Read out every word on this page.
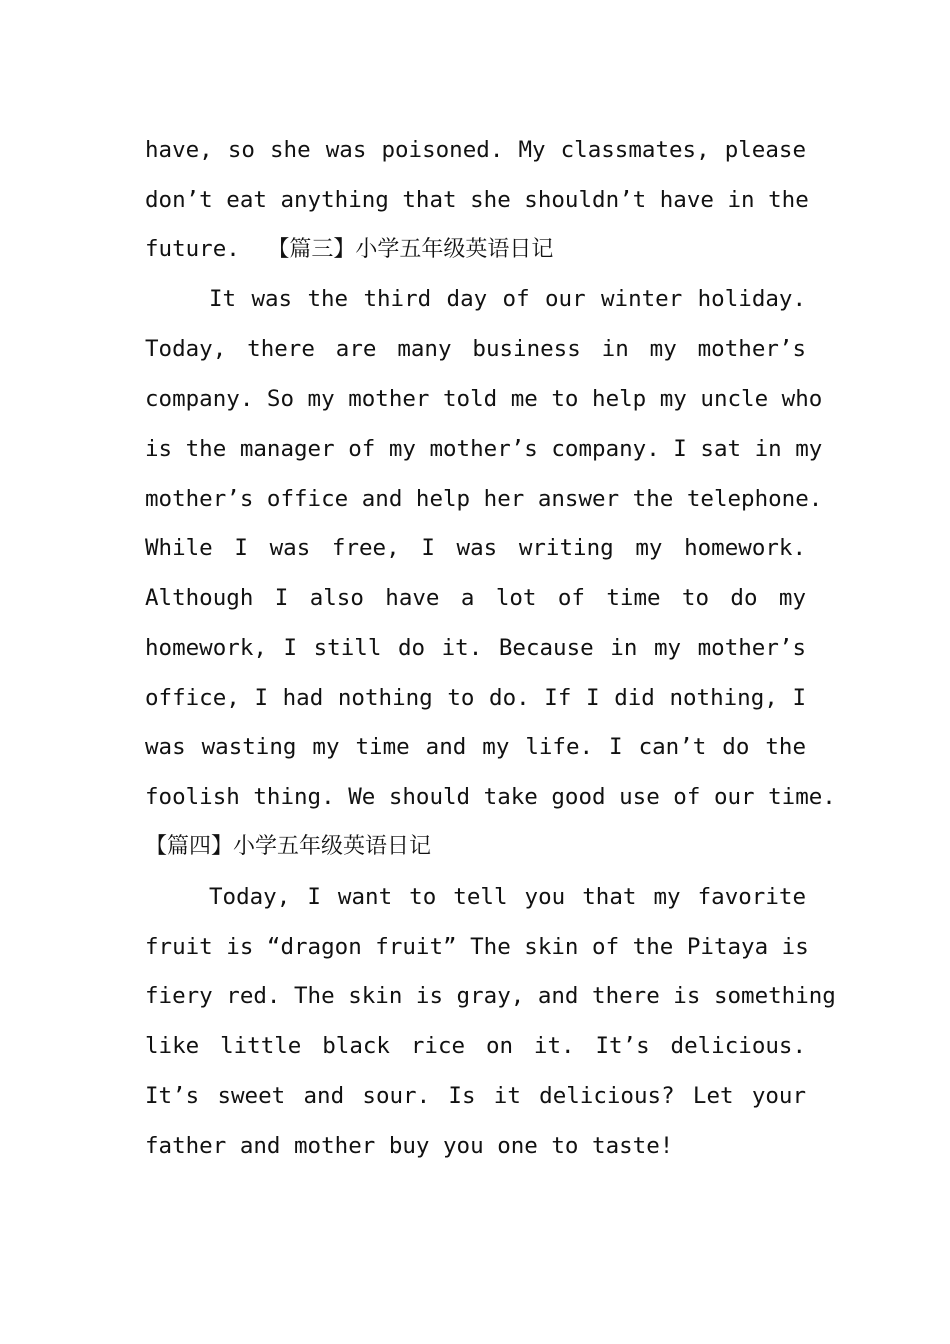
have, so she was poisoned. My classmates, please
don’t eat anything that she shouldn’t have in the
future. 【篇三】小学五年级英语日记
It was the third day of our winter holiday.
Today, there are many business in my mother’s
company. So my mother told me to help my uncle who
is the manager of my mother’s company. I sat in my
mother’s office and help her answer the telephone.
While I was free, I was writing my homework.
Although I also have a lot of time to do my
homework, I still do it. Because in my mother’s
office, I had nothing to do. If I did nothing, I
was wasting my time and my life. I can’t do the
foolish thing. We should take good use of our time.
【篇四】小学五年级英语日记
Today, I want to tell you that my favorite
fruit is “dragon fruit” The skin of the Pitaya is
fiery red. The skin is gray, and there is something
like little black rice on it. It’s delicious.
It’s sweet and sour. Is it delicious? Let your
father and mother buy you one to taste!
